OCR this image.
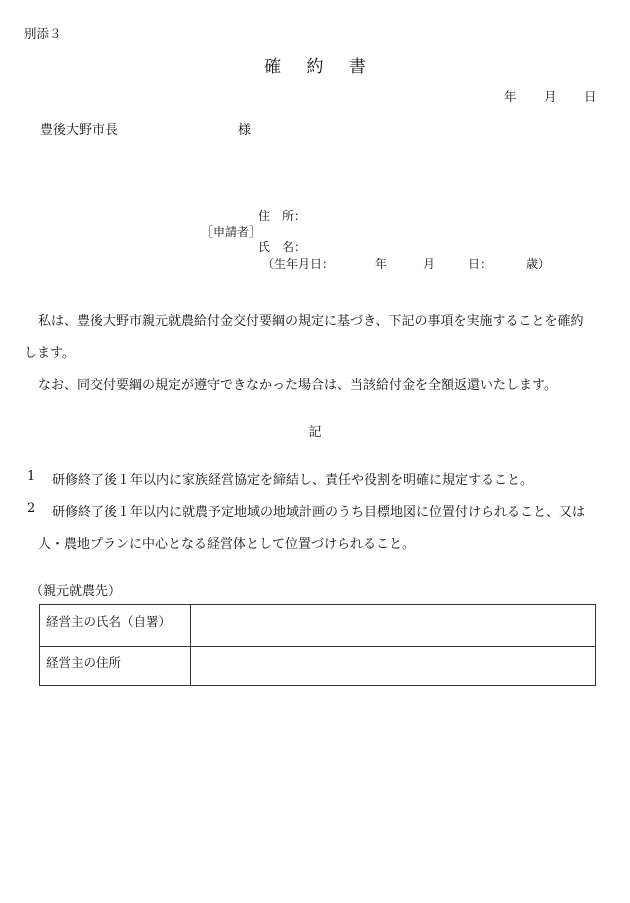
別添３
確 約 書
年 月 日
豊後大野市長	様
［申請者］
住　所：
氏　名：
（生年月日：	年	月	日：	歳）
私は、豊後大野市親元就農給付金交付要綱の規定に基づき、下記の事項を実施することを確約
します。
なお、同交付要綱の規定が遵守できなかった場合は、当該給付金を全額返還いたします。
記
1 研修終了後１年以内に家族経営協定を締結し、責任や役割を明確に規定すること。
2 研修終了後１年以内に就農予定地域の地域計画のうち目標地図に位置付けられること、又は
人・農地プランに中心となる経営体として位置づけられること。
（親元就農先）
経営主の氏名（自署）
経営主の住所
